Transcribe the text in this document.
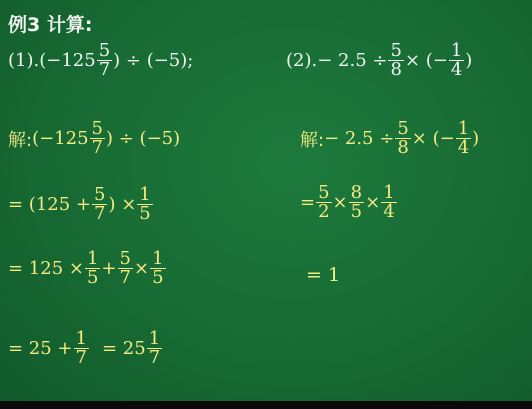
例3 计算:
(1). ($-125 \frac{5}{7}$ ) ÷ (−5);	(2). − $2.5 \div \frac{5}{8}$ × (− $\frac{1}{4}$ )
解: ($-125 \frac{5}{7}$ ) ÷ (−5)
= ($125 + \frac{5}{7}$ ) × $\frac{1}{5}$
= $125 \times \frac{1}{5} + \frac{5}{7} \times \frac{1}{5}$
= $25 + \frac{1}{7} = 25 \frac{1}{7}$
解: − $2.5 \div \frac{5}{8}$ × (− $\frac{1}{4}$ )
= $\frac{5}{2} \times \frac{8}{5} \times \frac{1}{4}$
= 1
